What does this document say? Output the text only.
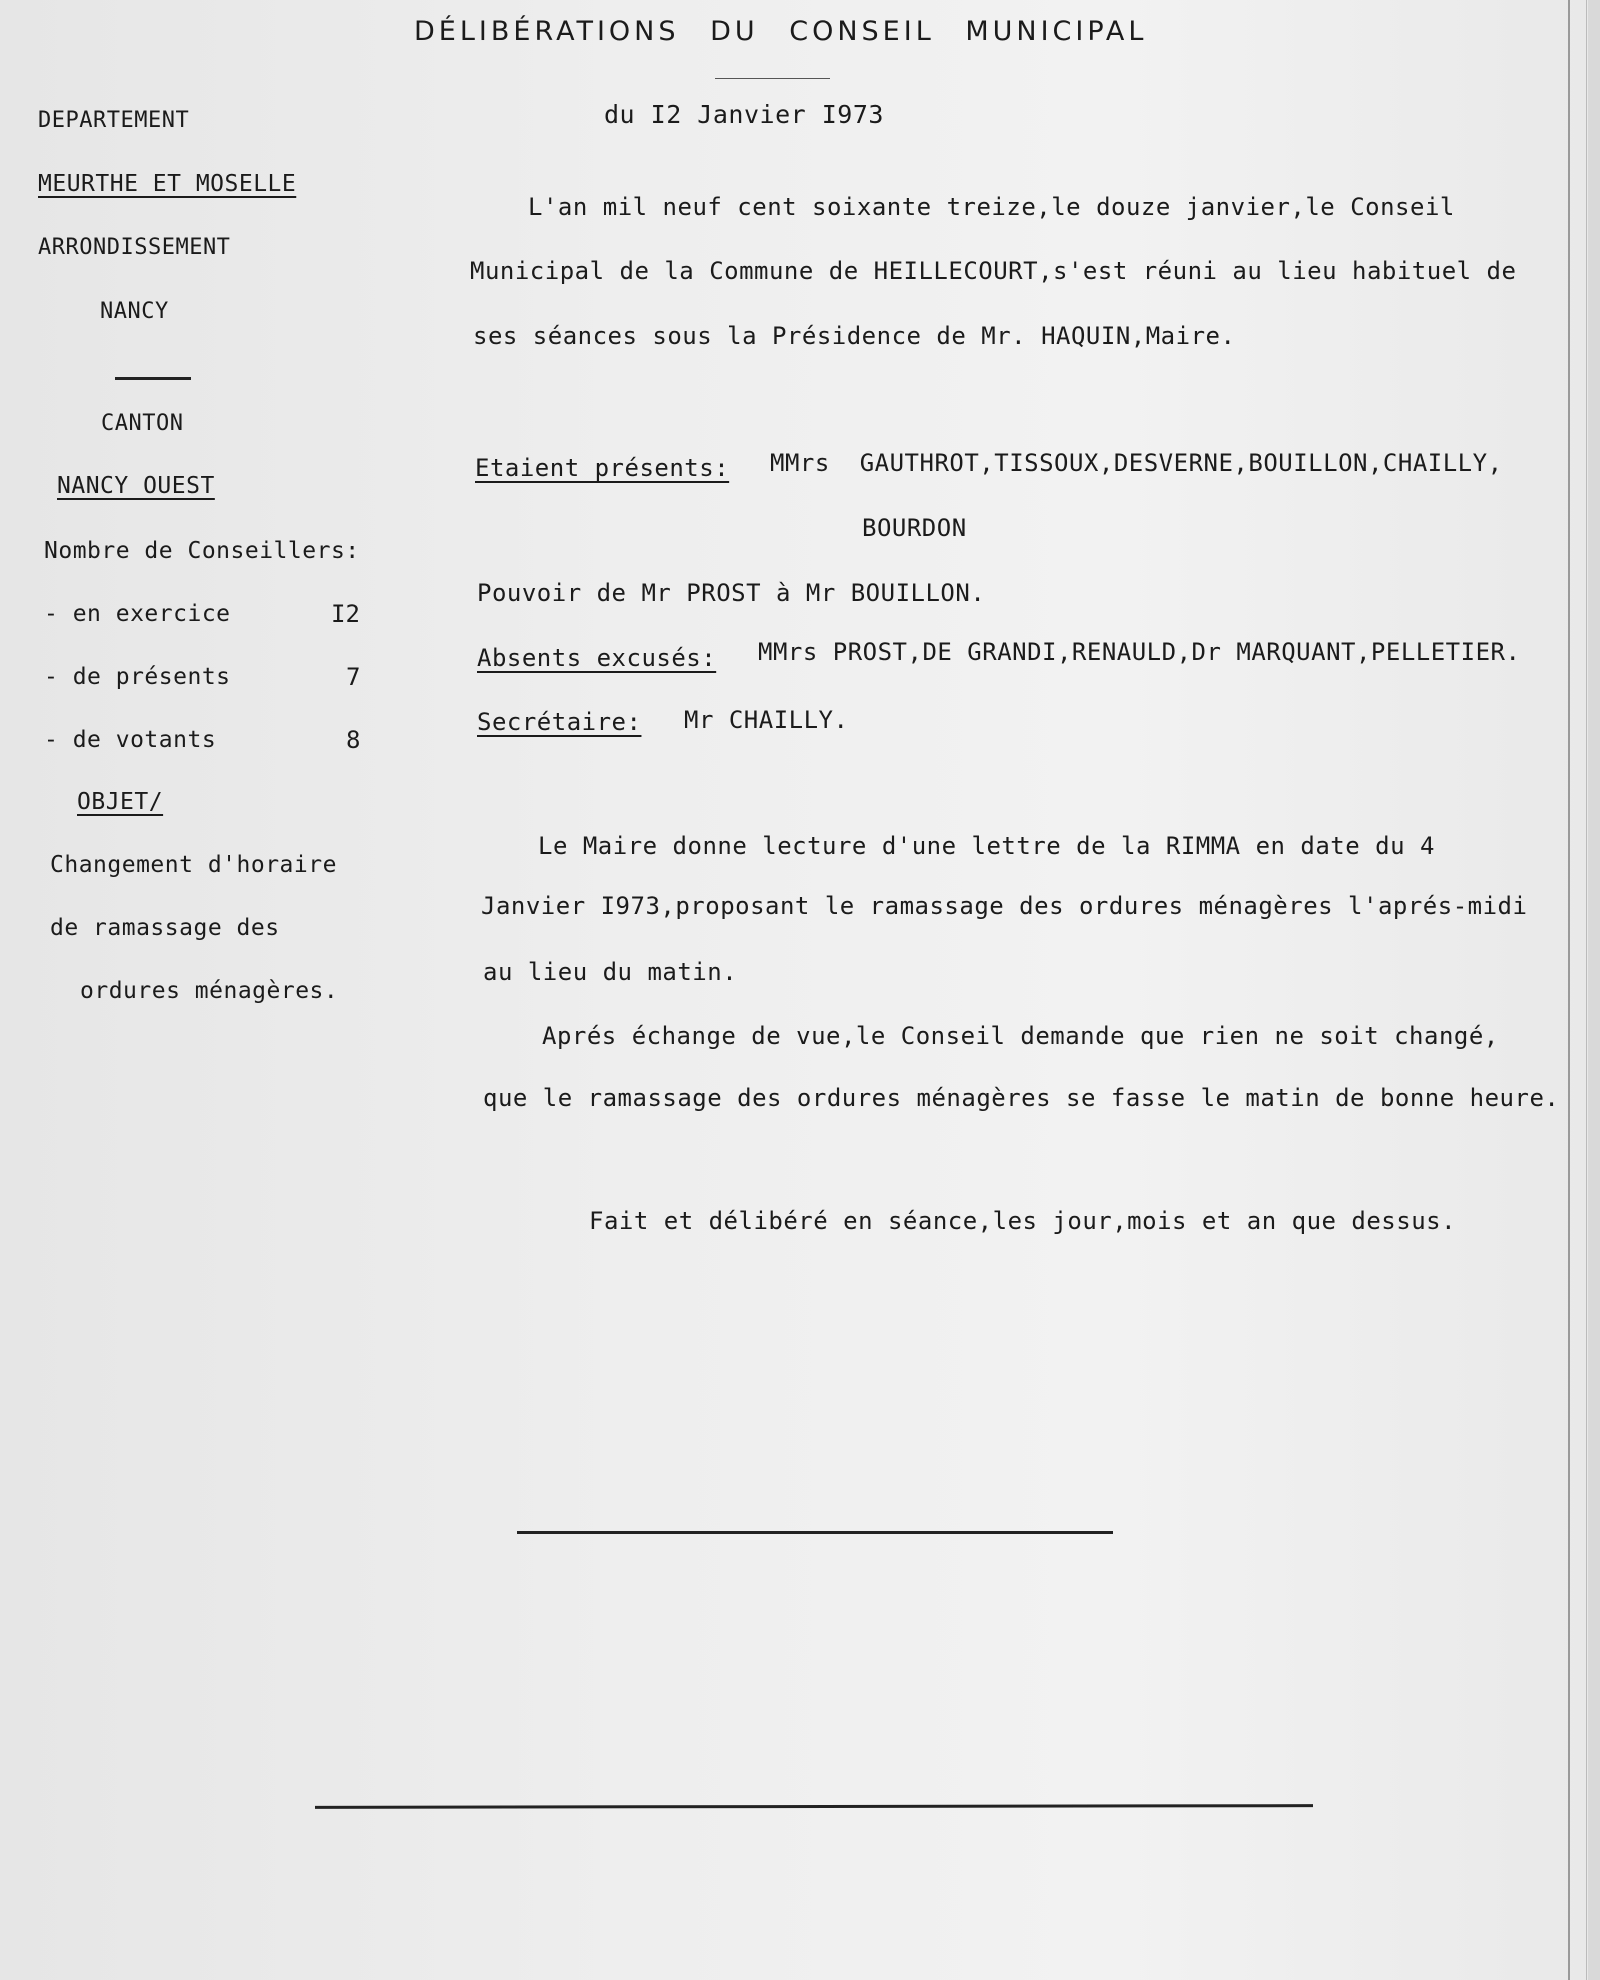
DÉLIBÉRATIONS DU CONSEIL MUNICIPAL
du I2 Janvier I973
DEPARTEMENT
MEURTHE ET MOSELLE
ARRONDISSEMENT
NANCY
CANTON
NANCY OUEST
Nombre de Conseillers:
- en exercice	I2
- de présents	7
- de votants	8
OBJET/
Changement d'horaire
de ramassage des
ordures ménagères.
L'an mil neuf cent soixante treize,le douze janvier,le Conseil
Municipal de la Commune de HEILLECOURT,s'est réuni au lieu habituel de
ses séances sous la Présidence de Mr. HAQUIN,Maire.
Etaient présents: MMrs  GAUTHROT,TISSOUX,DESVERNE,BOUILLON,CHAILLY,
BOURDON
Pouvoir de Mr PROST à Mr BOUILLON.
Absents excusés: MMrs PROST,DE GRANDI,RENAULD,Dr MARQUANT,PELLETIER.
Secrétaire: Mr CHAILLY.
Le Maire donne lecture d'une lettre de la RIMMA en date du 4
Janvier I973,proposant le ramassage des ordures ménagères l'aprés-midi
au lieu du matin.
Aprés échange de vue,le Conseil demande que rien ne soit changé,
que le ramassage des ordures ménagères se fasse le matin de bonne heure.
Fait et délibéré en séance,les jour,mois et an que dessus.
